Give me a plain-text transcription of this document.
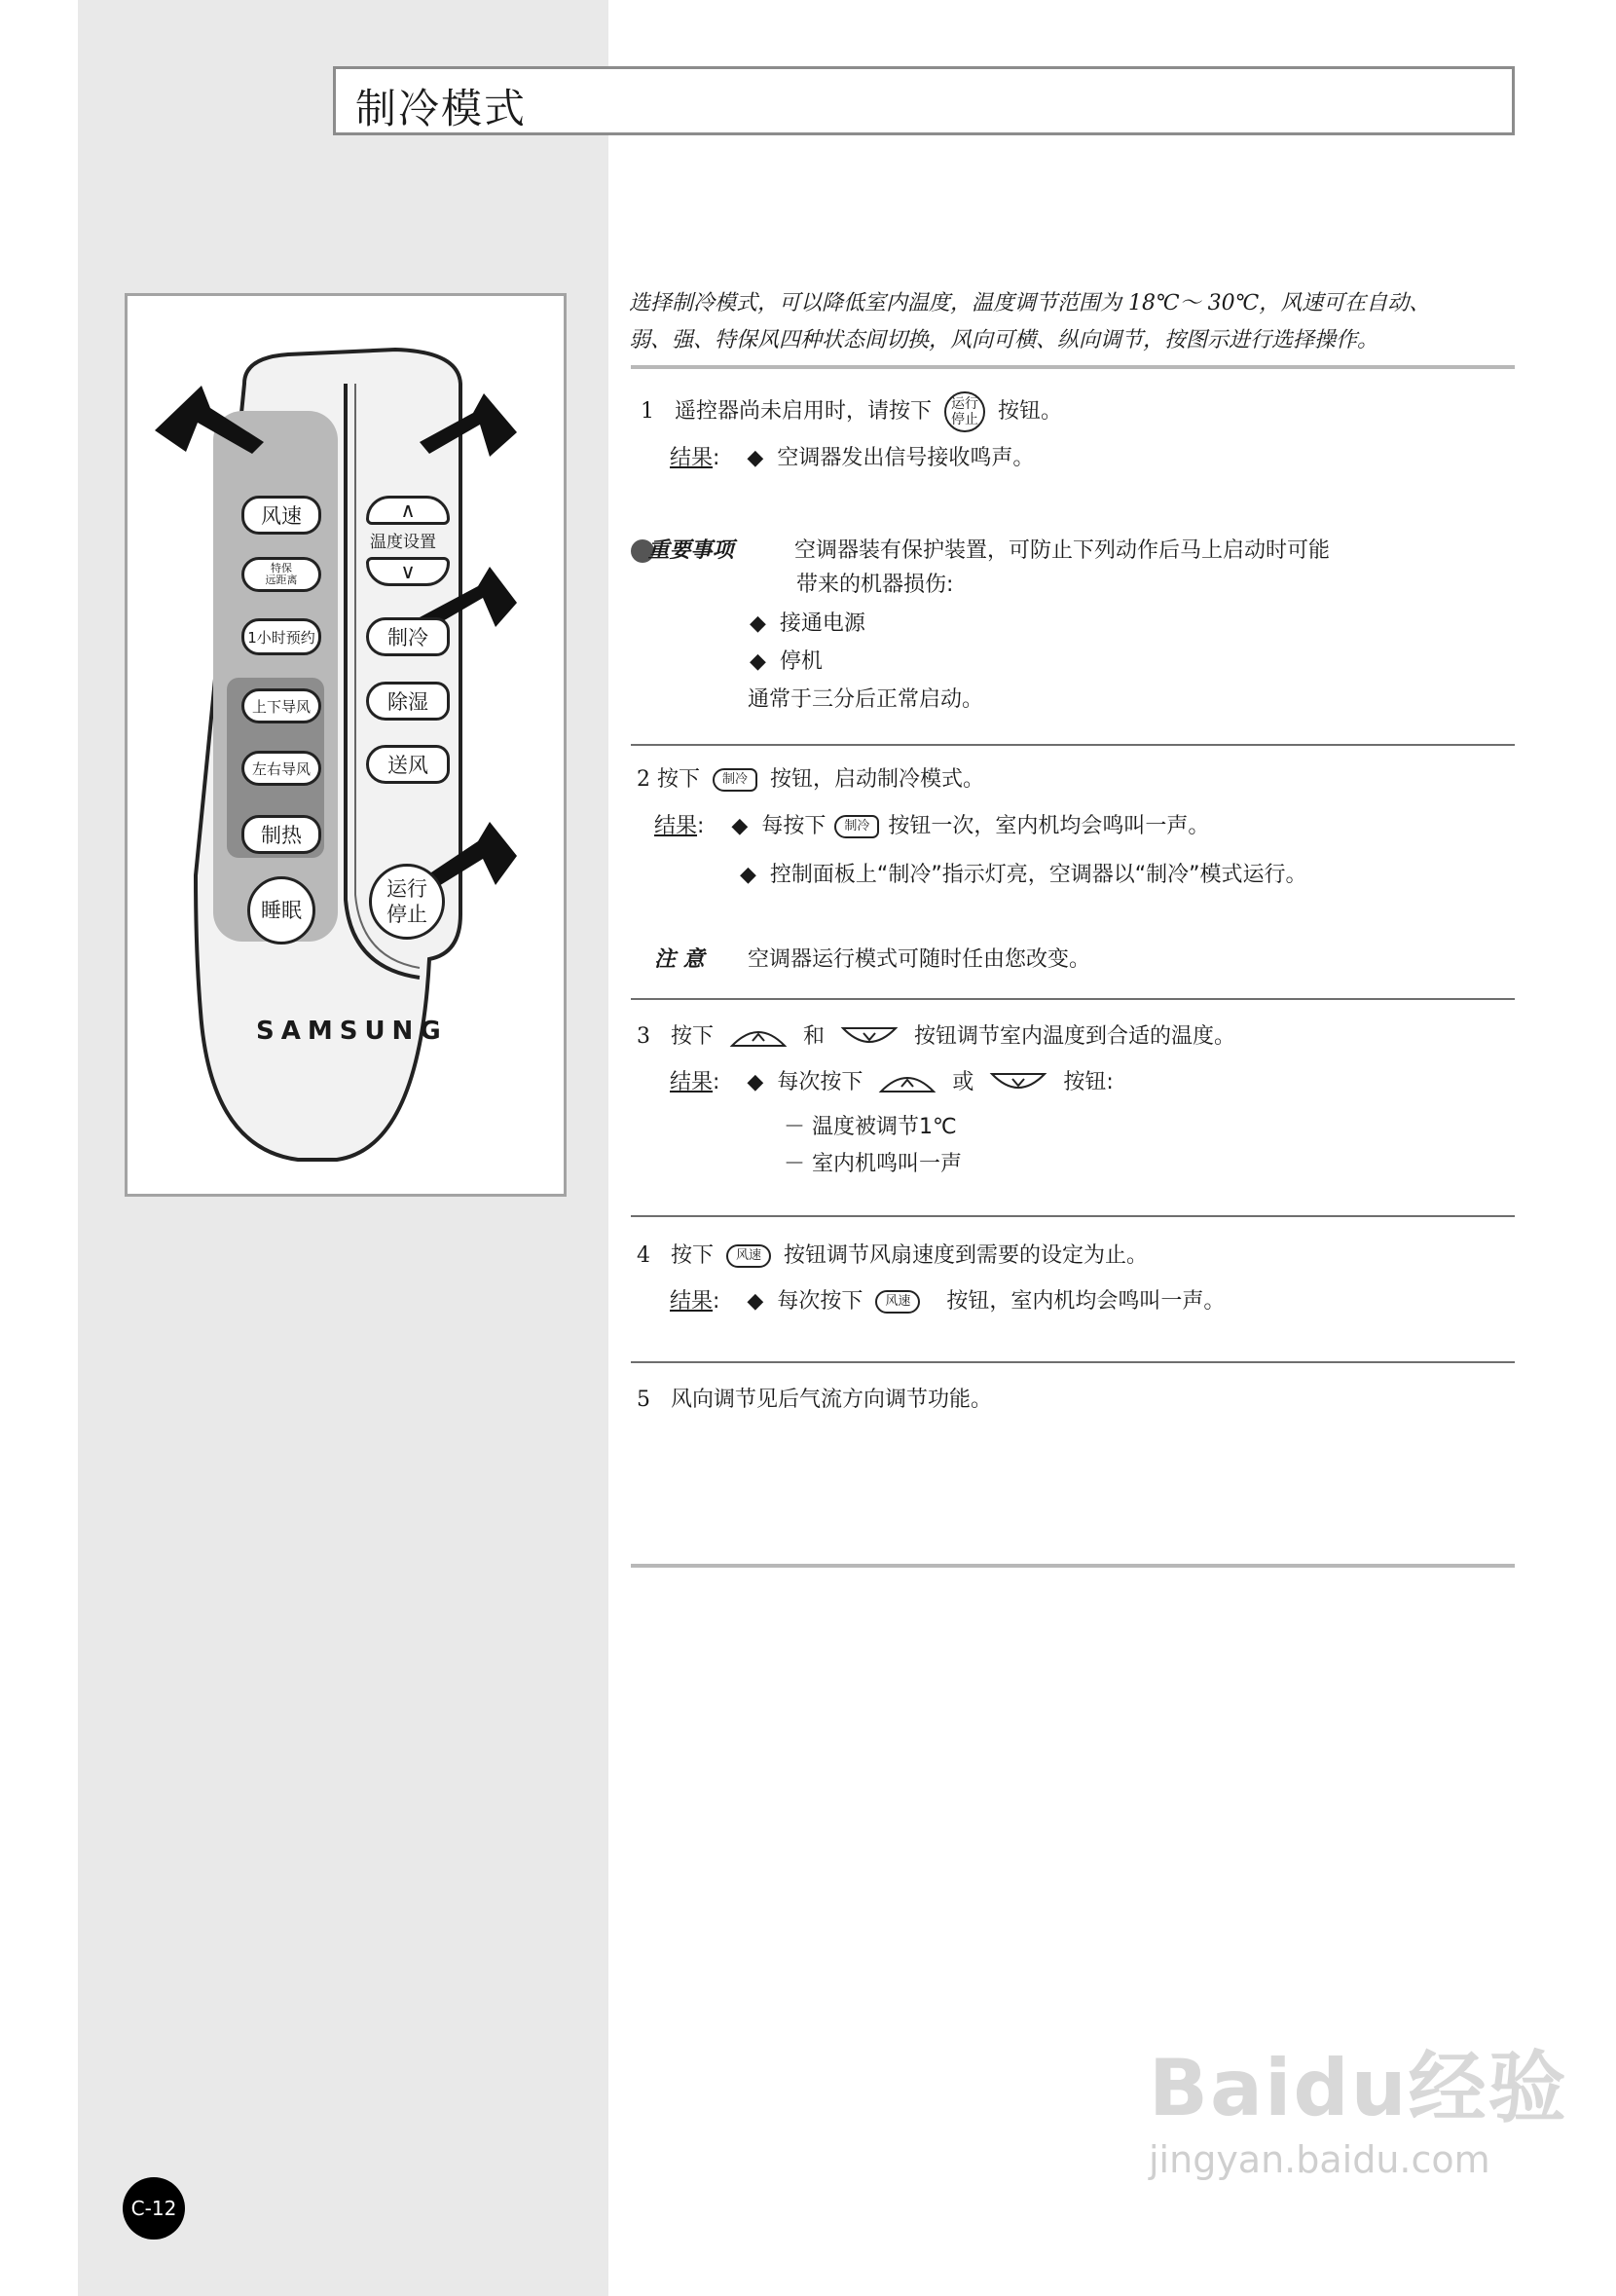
制冷模式
风速
特保
远距离
1小时预约
上下导风
左右导风
制热
睡眠
∧
温度设置
∨
制冷
除湿
送风
运行
停止
SAMSUNG
选择制冷模式，可以降低室内温度，温度调节范围为 18℃～ 30℃，风速可在自动、
弱、强、特保风四种状态间切换，风向可横、纵向调节，按图示进行选择操作。
1 遥控器尚未启用时，请按下 运行
停止 按钮。
结果: ◆ 空调器发出信号接收鸣声。
重要事项	空调器装有保护装置，可防止下列动作后马上启动时可能
带来的机器损伤:
◆ 接通电源
◆ 停机
通常于三分后正常启动。
2 按下 制冷 按钮，启动制冷模式。
结果: ◆ 每按下 制冷 按钮一次，室内机均会鸣叫一声。
◆ 控制面板上“制冷”指示灯亮，空调器以“制冷”模式运行。
注 意 空调器运行模式可随时任由您改变。
3 按下	和	按钮调节室内温度到合适的温度。
结果: ◆ 每次按下	或	按钮:
－ 温度被调节1℃
－ 室内机鸣叫一声
4 按下 风速 按钮调节风扇速度到需要的设定为止。
结果: ◆ 每次按下 风速 按钮，室内机均会鸣叫一声。
5 风向调节见后气流方向调节功能。
C-12
Baidu经验
jingyan.baidu.com
